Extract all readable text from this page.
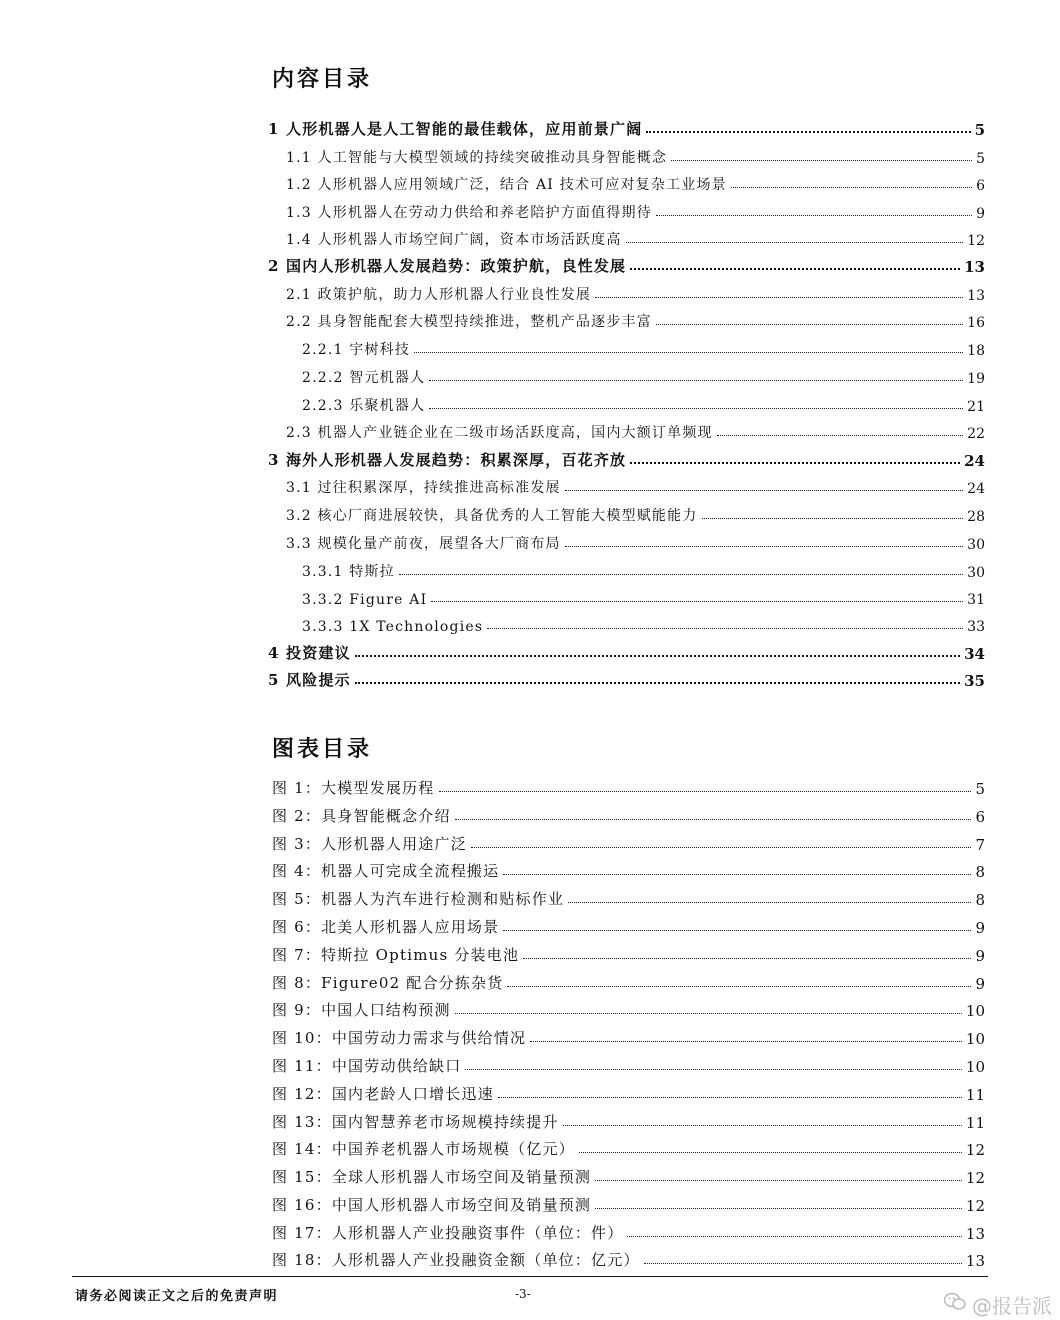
内容目录
1 人形机器人是人工智能的最佳载体，应用前景广阔	5
1.1 人工智能与大模型领域的持续突破推动具身智能概念	5
1.2 人形机器人应用领域广泛，结合 AI 技术可应对复杂工业场景	6
1.3 人形机器人在劳动力供给和养老陪护方面值得期待	9
1.4 人形机器人市场空间广阔，资本市场活跃度高	12
2 国内人形机器人发展趋势：政策护航，良性发展	13
2.1 政策护航，助力人形机器人行业良性发展	13
2.2 具身智能配套大模型持续推进，整机产品逐步丰富	16
2.2.1 宇树科技	18
2.2.2 智元机器人	19
2.2.3 乐聚机器人	21
2.3 机器人产业链企业在二级市场活跃度高，国内大额订单频现	22
3 海外人形机器人发展趋势：积累深厚，百花齐放	24
3.1 过往积累深厚，持续推进高标准发展	24
3.2 核心厂商进展较快，具备优秀的人工智能大模型赋能能力	28
3.3 规模化量产前夜，展望各大厂商布局	30
3.3.1 特斯拉	30
3.3.2 Figure AI	31
3.3.3 1X Technologies	33
4 投资建议	34
5 风险提示	35
图表目录
图 1：大模型发展历程	5
图 2：具身智能概念介绍	6
图 3：人形机器人用途广泛	7
图 4：机器人可完成全流程搬运	8
图 5：机器人为汽车进行检测和贴标作业	8
图 6：北美人形机器人应用场景	9
图 7：特斯拉 Optimus 分装电池	9
图 8：Figure02 配合分拣杂货	9
图 9：中国人口结构预测	10
图 10：中国劳动力需求与供给情况	10
图 11：中国劳动供给缺口	10
图 12：国内老龄人口增长迅速	11
图 13：国内智慧养老市场规模持续提升	11
图 14：中国养老机器人市场规模（亿元）	12
图 15：全球人形机器人市场空间及销量预测	12
图 16：中国人形机器人市场空间及销量预测	12
图 17：人形机器人产业投融资事件（单位：件）	13
图 18：人形机器人产业投融资金额（单位：亿元）	13
请务必阅读正文之后的免责声明	-3-	@报告派
